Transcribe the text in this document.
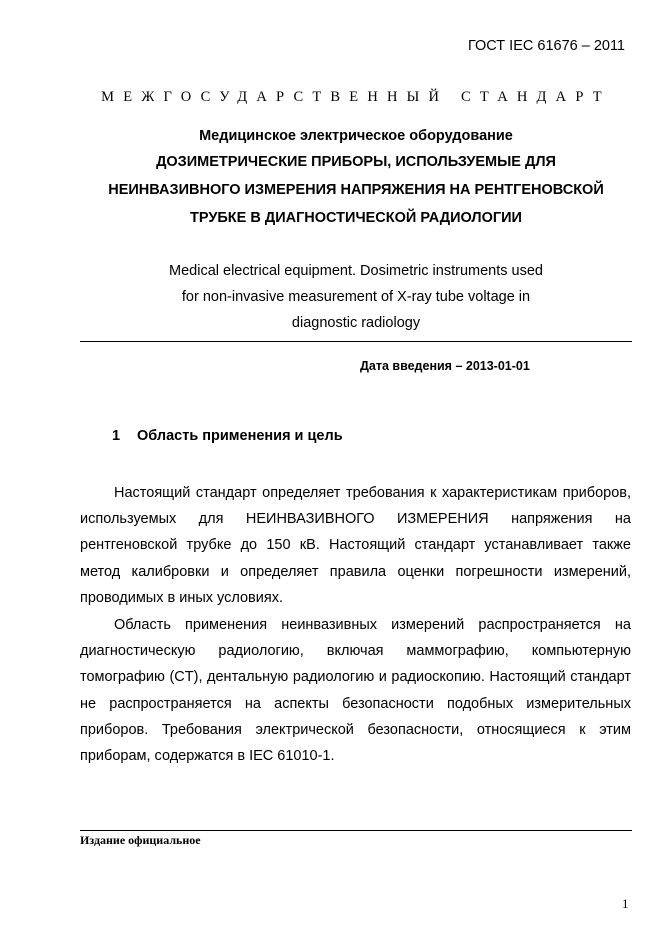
ГОСТ IEC 61676 – 2011
МЕЖГОСУДАРСТВЕННЫЙ СТАНДАРТ
Медицинское электрическое оборудование
ДОЗИМЕТРИЧЕСКИЕ ПРИБОРЫ, ИСПОЛЬЗУЕМЫЕ ДЛЯ
НЕИНВАЗИВНОГО ИЗМЕРЕНИЯ НАПРЯЖЕНИЯ НА РЕНТГЕНОВСКОЙ
ТРУБКЕ В ДИАГНОСТИЧЕСКОЙ РАДИОЛОГИИ
Medical electrical equipment. Dosimetric instruments used
for non-invasive measurement of X-ray tube voltage in
diagnostic radiology
Дата введения – 2013-01-01
1 Область применения и цель

Настоящий стандарт определяет требования к характеристикам приборов, используемых для НЕИНВАЗИВНОГО ИЗМЕРЕНИЯ напряжения на рентгеновской трубке до 150 кВ. Настоящий стандарт устанавливает также метод калибровки и определяет правила оценки погрешности измерений, проводимых в иных условиях.

Область применения неинвазивных измерений распространяется на диагностическую радиологию, включая маммографию, компьютерную томографию (CT), дентальную радиологию и радиоскопию. Настоящий стандарт не распространяется на аспекты безопасности подобных измерительных приборов. Требования электрической безопасности, относящиеся к этим приборам, содержатся в IEC 61010-1.

Издание официальное
1
